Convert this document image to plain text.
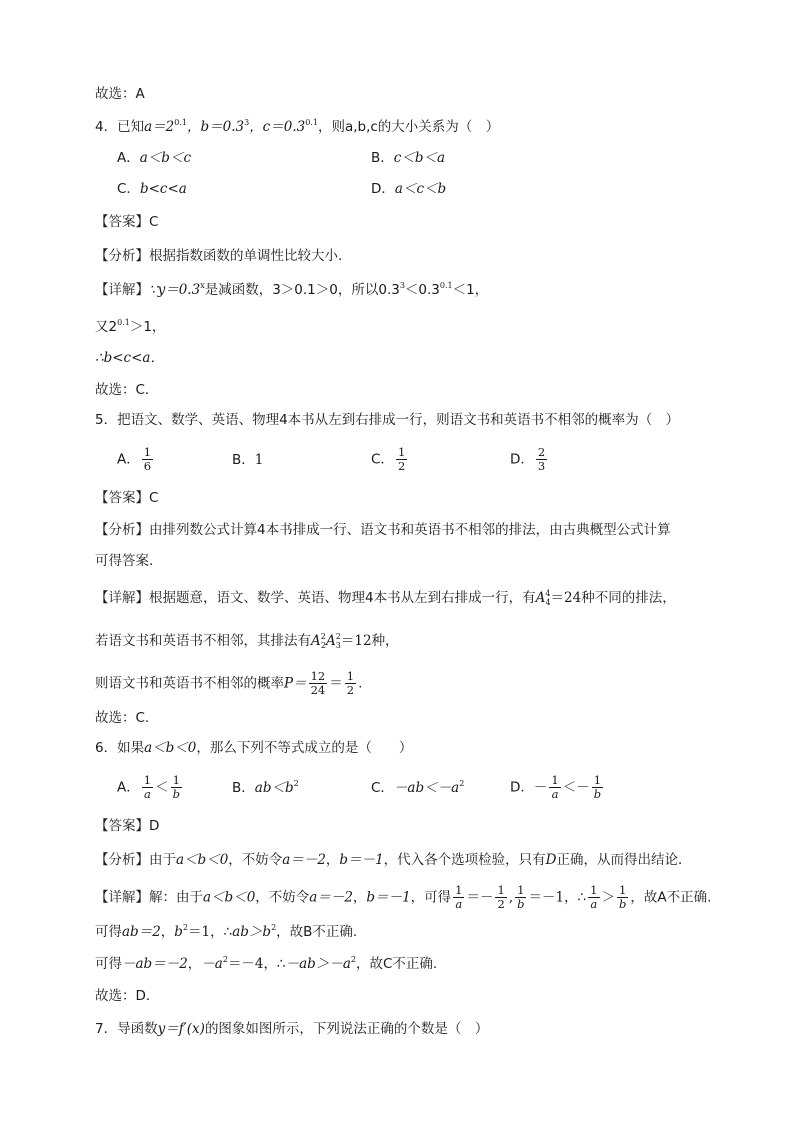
故选：A
4．已知$a=2^{0.1}$，$b=0.3^3$，$c=0.3^{0.1}$，则a,b,c的大小关系为（　）
A．a＜b＜c	B．c＜b＜a
C．b<c<a	D．a＜c＜b
【答案】C
【分析】根据指数函数的单调性比较大小.
【详解】$\because y=0.3^x$是减函数，3＞0.1＞0，所以$0.3^3<0.3^{0.1}<1$，
又$2^{0.1}>1$，
∴b<c<a．
故选：C．
5．把语文、数学、英语、物理4本书从左到右排成一行，则语文书和英语书不相邻的概率为（　）
A． $\frac{1}{6}$	B．1	C． $\frac{1}{2}$	D． $\frac{2}{3}$
【答案】C
【分析】由排列数公式计算4本书排成一行、语文书和英语书不相邻的排法，由古典概型公式计算
可得答案.
【详解】根据题意，语文、数学、英语、物理4本书从左到右排成一行，有$A^4_4=24$种不同的排法，
若语文书和英语书不相邻，其排法有$A^2_2A^2_3=12$种，
则语文书和英语书不相邻的概率$P= \frac{12}{24} = \frac{1}{2}$ .
故选：C.
6．如果a＜b＜0，那么下列不等式成立的是（　　）
A． $\frac{1}{a} < \frac{1}{b}$	B．$ab<b^2$	C．$-ab<-a^2$	D．－ $\frac{1}{a} <- \frac{1}{b}$
【答案】D
【分析】由于a＜b＜0，不妨令a＝－2，b＝－1，代入各个选项检验，只有D正确，从而得出结论．
【详解】解：由于a＜b＜0，不妨令a＝－2，b＝－1，可得 $\frac{1}{a} =- \frac{1}{2}$ , $\frac{1}{b} =-1$，∴ $\frac{1}{a} > \frac{1}{b}$ ，故A不正确.
可得ab＝2，$b^2=1$，$\therefore ab>b^2$，故B不正确.
可得－ab＝－2，$-a^2=-4$，$\therefore-ab>-a^2$，故C不正确.
故选：D．
7．导函数y＝f′(x)的图象如图所示，下列说法正确的个数是（　）
